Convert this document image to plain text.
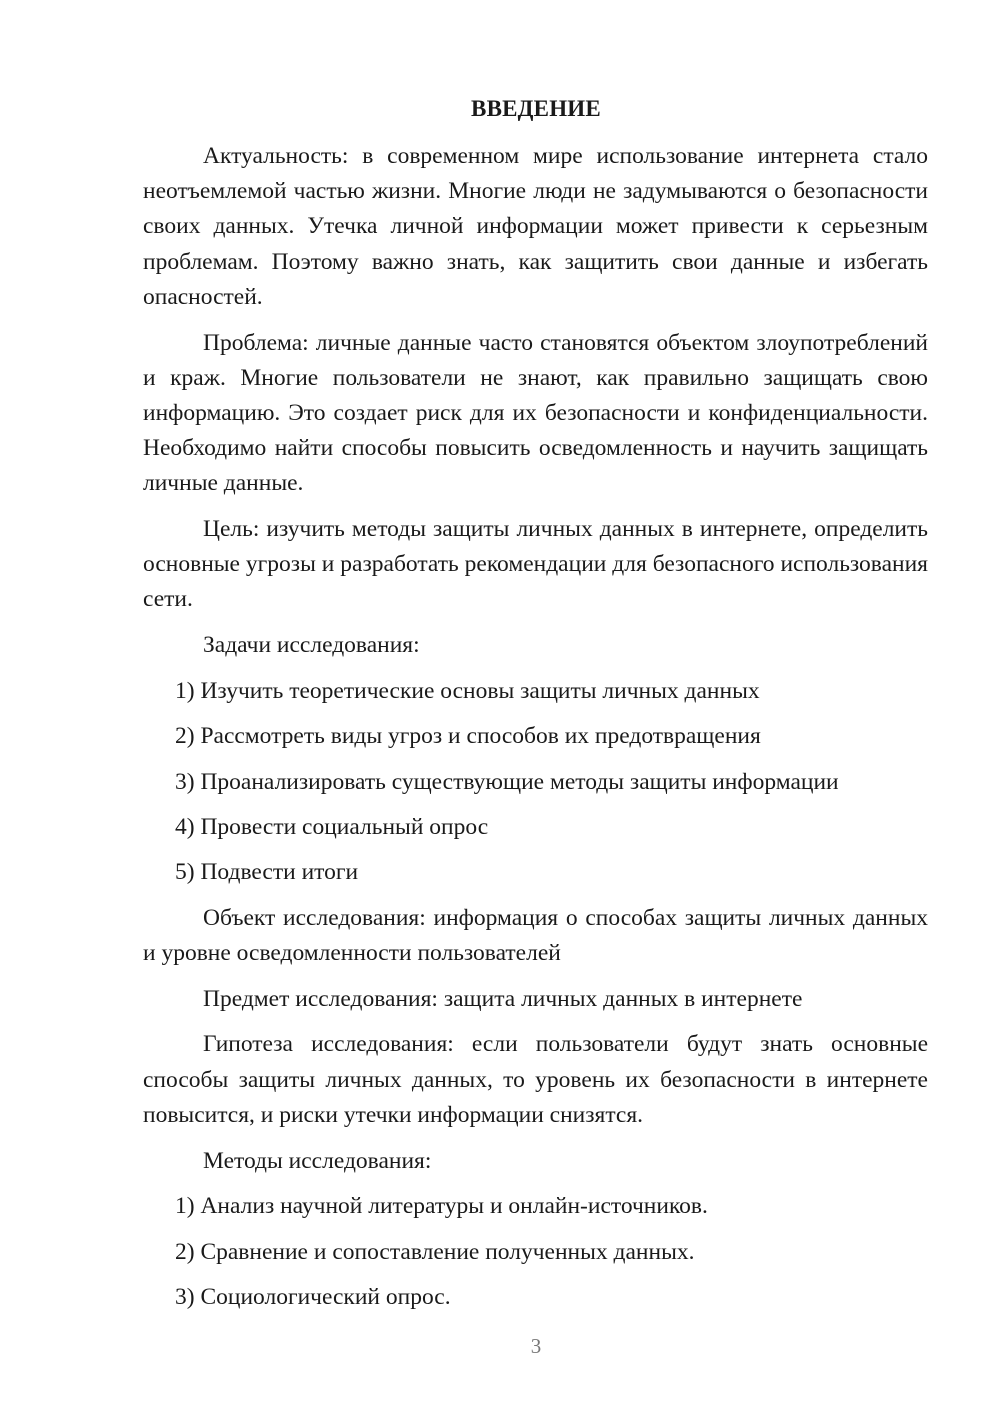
ВВЕДЕНИЕ

Актуальность: в современном мире использование интернета стало неотъемлемой частью жизни. Многие люди не задумываются о безопасности своих данных. Утечка личной информации может привести к серьезным проблемам. Поэтому важно знать, как защитить свои данные и избегать опасностей.

Проблема: личные данные часто становятся объектом злоупотреблений и краж. Многие пользователи не знают, как правильно защищать свою информацию. Это создает риск для их безопасности и конфиденциальности. Необходимо найти способы повысить осведомленность и научить защищать личные данные.

Цель: изучить методы защиты личных данных в интернете, определить основные угрозы и разработать рекомендации для безопасного использования сети.

Задачи исследования:

1) Изучить теоретические основы защиты личных данных
2) Рассмотреть виды угроз и способов их предотвращения
3) Проанализировать существующие методы защиты информации
4) Провести социальный опрос
5) Подвести итоги

Объект исследования: информация о способах защиты личных данных и уровне осведомленности пользователей

Предмет исследования: защита личных данных в интернете

Гипотеза исследования: если пользователи будут знать основные способы защиты личных данных, то уровень их безопасности в интернете повысится, и риски утечки информации снизятся.

Методы исследования:

1) Анализ научной литературы и онлайн-источников.
2) Сравнение и сопоставление полученных данных.
3) Социологический опрос.
3
